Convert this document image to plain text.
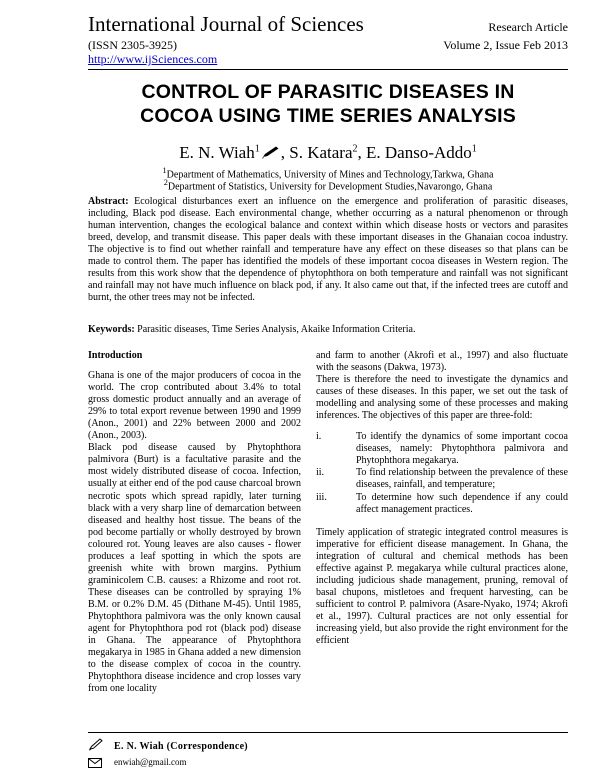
International Journal of Sciences
(ISSN 2305-3925)
http://www.ijSciences.com
Research Article
Volume 2, Issue Feb 2013
CONTROL OF PARASITIC DISEASES IN
COCOA USING TIME SERIES ANALYSIS
E. N. Wiah$^1$ , S. Katara$^2$, E. Danso-Addo$^1$
$^1$Department of Mathematics, University of Mines and Technology,Tarkwa, Ghana
$^2$Department of Statistics, University for Development Studies,Navarongo, Ghana
Abstract: Ecological disturbances exert an influence on the emergence and proliferation of parasitic diseases, including, Black pod disease. Each environmental change, whether occurring as a natural phenomenon or through human intervention, changes the ecological balance and context within which disease hosts or vectors and parasites breed, develop, and transmit disease. This paper deals with these important diseases in the Ghanaian cocoa industry. The objective is to find out whether rainfall and temperature have any effect on these diseases so that plans can be made to control them. The paper has identified the models of these important cocoa diseases in Western region. The results from this work show that the dependence of phytophthora on both temperature and rainfall was not significant and rainfall may not have much influence on black pod, if any. It also came out that, if the infected trees are cutoff and burnt, the other trees may not be infected.
Keywords: Parasitic diseases, Time Series Analysis, Akaike Information Criteria.

Introduction

Ghana is one of the major producers of cocoa in the world. The crop contributed about 3.4% to total gross domestic product annually and an average of 29% to total export revenue between 1990 and 1999 (Anon., 2001) and 22% between 2000 and 2002 (Anon., 2003).

Black pod disease caused by Phytophthora palmivora (Burt) is a facultative parasite and the most widely distributed disease of cocoa. Infection, usually at either end of the pod cause charcoal brown necrotic spots which spread rapidly, later turning black with a very sharp line of demarcation between diseased and healthy host tissue. The beans of the pod become partially or wholly destroyed by brown coloured rot. Young leaves are also causes - flower produces a leaf spotting in which the spots are greenish white with brown margins. Pythium graminicolem C.B. causes: a Rhizome and root rot. These diseases can be controlled by spraying 1% B.M. or 0.2% D.M. 45 (Dithane M-45). Until 1985, Phytophthora palmivora was the only known causal agent for Phytophthora pod rot (black pod) disease in Ghana. The appearance of Phytophthora megakarya in 1985 in Ghana added a new dimension to the disease complex of cocoa in the country. Phytophthora disease incidence and crop losses vary from one locality

and farm to another (Akrofi et al., 1997) and also fluctuate with the seasons (Dakwa, 1973).

There is therefore the need to investigate the dynamics and causes of these diseases. In this paper, we set out the task of modelling and analysing some of these processes and making inferences. The objectives of this paper are three-fold:

i.	To identify the dynamics of some important cocoa diseases, namely: Phytophthora palmivora and Phytophthora megakarya.
ii.	To find relationship between the prevalence of these diseases, rainfall, and temperature;
iii.	To determine how such dependence if any could affect management practices.

Timely application of strategic integrated control measures is imperative for efficient disease management. In Ghana, the integration of cultural and chemical methods has been effective against P. megakarya while cultural practices alone, including judicious shade management, pruning, removal of basal chupons, mistletoes and frequent harvesting, can be sufficient to control P. palmivora (Asare-Nyako, 1974; Akrofi et al., 1997). Cultural practices are not only essential for increasing yield, but also provide the right environment for the efficient

E. N. Wiah (Correspondence)
enwiah@gmail.com
